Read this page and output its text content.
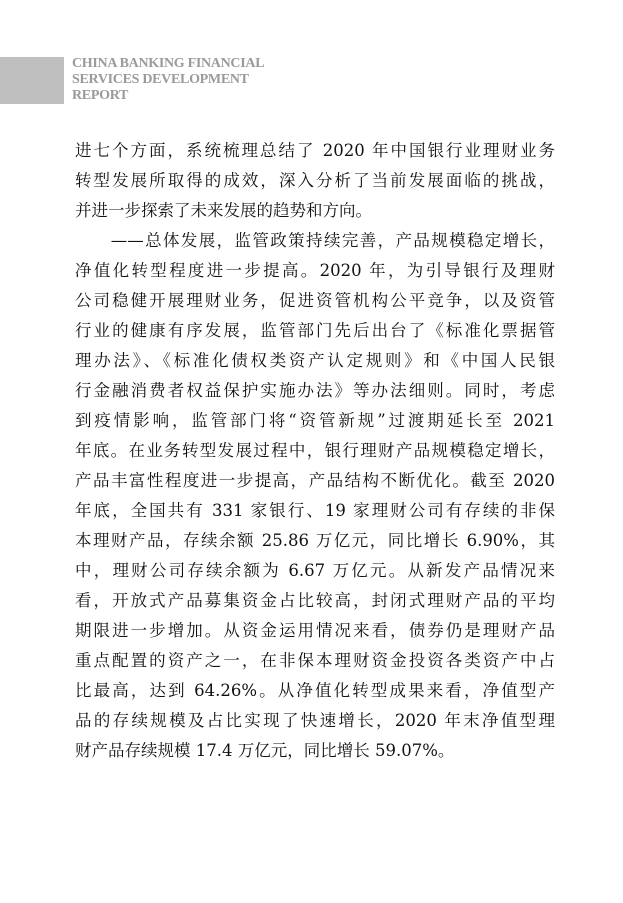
CHINA BANKING FINANCIAL
SERVICES DEVELOPMENT
REPORT
进七个方面，系统梳理总结了 2020 年中国银行业理财业务
转型发展所取得的成效，深入分析了当前发展面临的挑战，
并进一步探索了未来发展的趋势和方向。
　　——总体发展，监管政策持续完善，产品规模稳定增长，
净值化转型程度进一步提高。2020 年，为引导银行及理财
公司稳健开展理财业务，促进资管机构公平竞争，以及资管
行业的健康有序发展，监管部门先后出台了《标准化票据管
理办法》、《标准化债权类资产认定规则》和《中国人民银
行金融消费者权益保护实施办法》等办法细则。同时，考虑
到疫情影响，监管部门将“资管新规”过渡期延长至 2021
年底。在业务转型发展过程中，银行理财产品规模稳定增长，
产品丰富性程度进一步提高，产品结构不断优化。截至 2020
年底，全国共有 331 家银行、19 家理财公司有存续的非保
本理财产品，存续余额 25.86 万亿元，同比增长 6.90%，其
中，理财公司存续余额为 6.67 万亿元。从新发产品情况来
看，开放式产品募集资金占比较高，封闭式理财产品的平均
期限进一步增加。从资金运用情况来看，债券仍是理财产品
重点配置的资产之一，在非保本理财资金投资各类资产中占
比最高，达到 64.26%。从净值化转型成果来看，净值型产
品的存续规模及占比实现了快速增长，2020 年末净值型理
财产品存续规模 17.4 万亿元，同比增长 59.07%。
